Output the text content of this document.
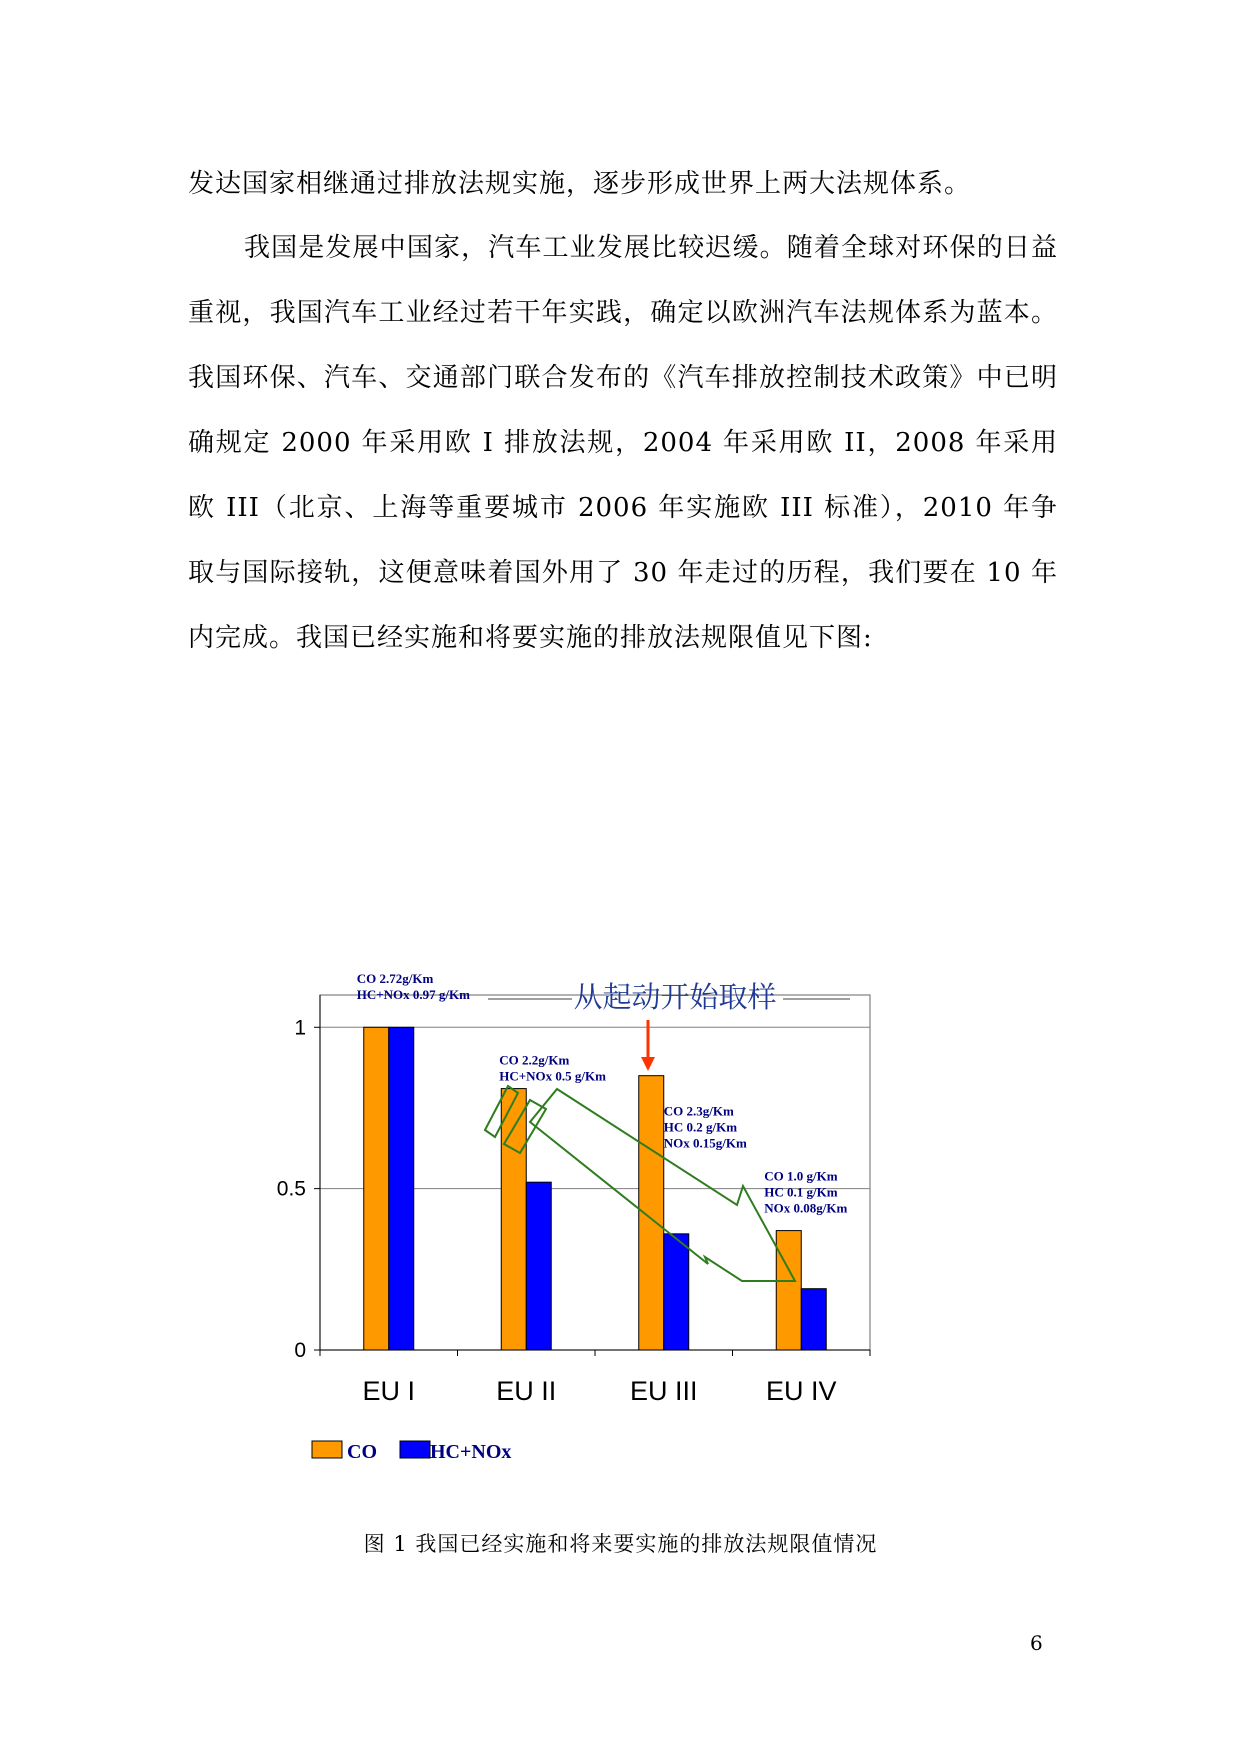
发达国家相继通过排放法规实施，逐步形成世界上两大法规体系。

我国是发展中国家，汽车工业发展比较迟缓。随着全球对环保的日益重视，我国汽车工业经过若干年实践，确定以欧洲汽车法规体系为蓝本。我国环保、汽车、交通部门联合发布的《汽车排放控制技术政策》中已明确规定 2000 年采用欧 I 排放法规，2004 年采用欧 II，2008 年采用欧 III（北京、上海等重要城市 2006 年实施欧 III 标准），2010 年争取与国际接轨，这便意味着国外用了 30 年走过的历程，我们要在 10 年内完成。我国已经实施和将要实施的排放法规限值见下图:

0
0.5
1
EU I	EU II	EU III	EU IV
CO 2.72g/Km
HC+NOx 0.97 g/Km
CO 2.2g/Km
HC+NOx 0.5 g/Km
CO 2.3g/Km
HC 0.2 g/Km
NOx 0.15g/Km
CO 1.0 g/Km
HC 0.1 g/Km
NOx 0.08g/Km
从起动开始取样
CO	HC+NOx
图 1 我国已经实施和将来要实施的排放法规限值情况
6
